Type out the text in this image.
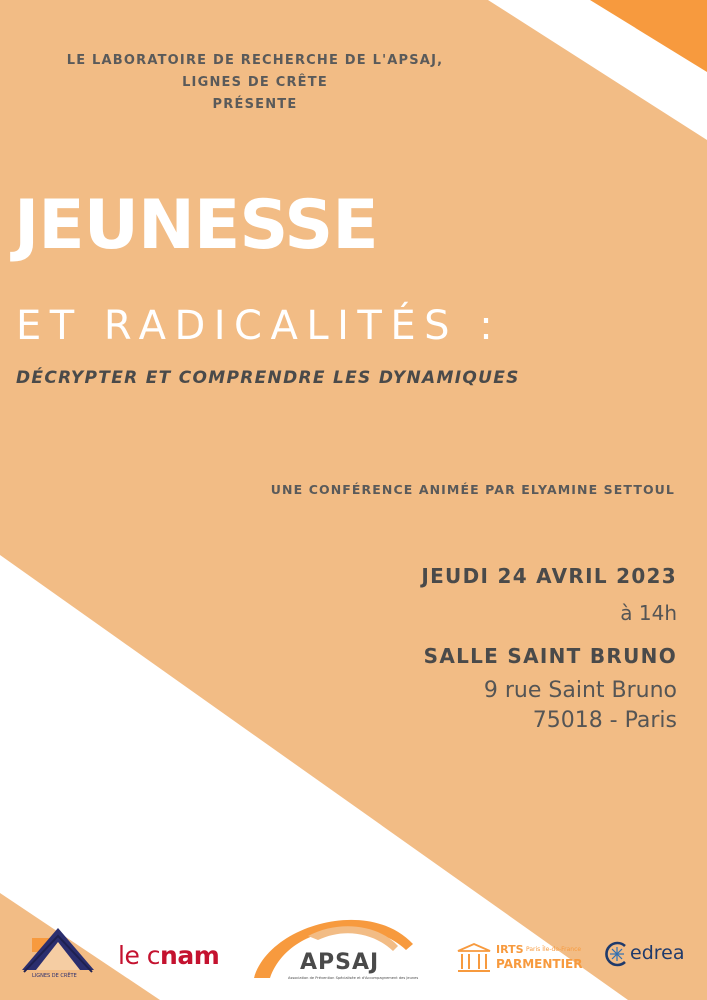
LE LABORATOIRE DE RECHERCHE DE L'APSAJ,
LIGNES DE CRÊTE
PRÉSENTE
JEUNESSE
ET RADICALITÉS :
DÉCRYPTER ET COMPRENDRE LES DYNAMIQUES
UNE CONFÉRENCE ANIMÉE PAR ELYAMINE SETTOUL
JEUDI 24 AVRIL 2023
à 14h
SALLE SAINT BRUNO
9 rue Saint Bruno
75018 - Paris
LIGNES DE CRÊTE
le cnam	APSAJ
Association de Prévention Spécialisée et d'Accompagnement des Jeunes
IRTS Paris Île-de-France
PARMENTIER	edrea
